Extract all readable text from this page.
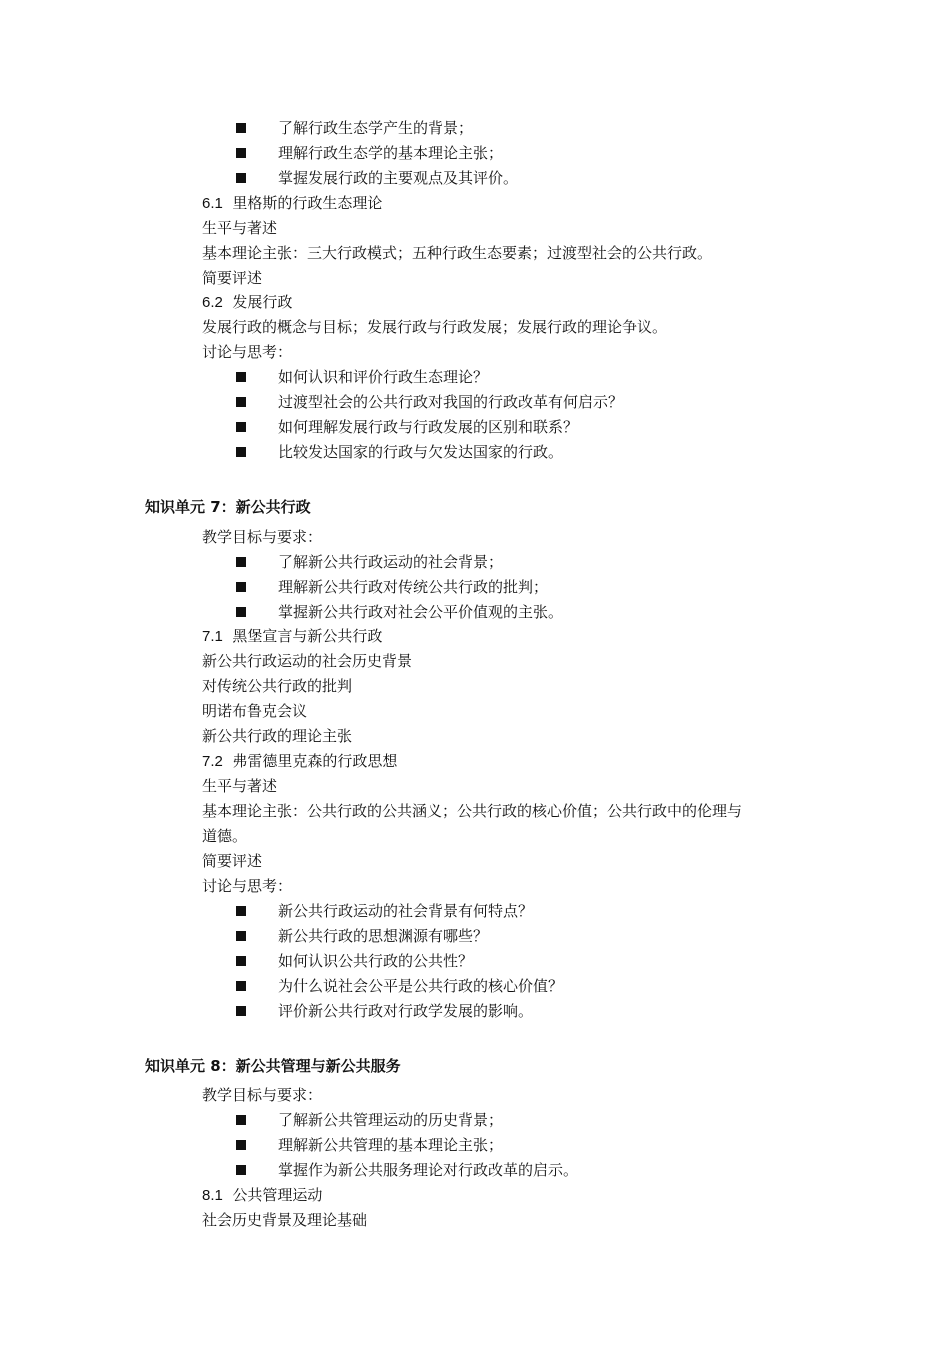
了解行政生态学产生的背景；
理解行政生态学的基本理论主张；
掌握发展行政的主要观点及其评价。
6.1 里格斯的行政生态理论
生平与著述
基本理论主张：三大行政模式；五种行政生态要素；过渡型社会的公共行政。
简要评述
6.2 发展行政
发展行政的概念与目标；发展行政与行政发展；发展行政的理论争议。
讨论与思考：
如何认识和评价行政生态理论？
过渡型社会的公共行政对我国的行政改革有何启示？
如何理解发展行政与行政发展的区别和联系？
比较发达国家的行政与欠发达国家的行政。
知识单元 7：新公共行政
教学目标与要求：
了解新公共行政运动的社会背景；
理解新公共行政对传统公共行政的批判；
掌握新公共行政对社会公平价值观的主张。
7.1 黑堡宣言与新公共行政
新公共行政运动的社会历史背景
对传统公共行政的批判
明诺布鲁克会议
新公共行政的理论主张
7.2 弗雷德里克森的行政思想
生平与著述
基本理论主张：公共行政的公共涵义；公共行政的核心价值；公共行政中的伦理与
道德。
简要评述
讨论与思考：
新公共行政运动的社会背景有何特点？
新公共行政的思想渊源有哪些？
如何认识公共行政的公共性？
为什么说社会公平是公共行政的核心价值？
评价新公共行政对行政学发展的影响。
知识单元 8：新公共管理与新公共服务
教学目标与要求：
了解新公共管理运动的历史背景；
理解新公共管理的基本理论主张；
掌握作为新公共服务理论对行政改革的启示。
8.1 公共管理运动
社会历史背景及理论基础
